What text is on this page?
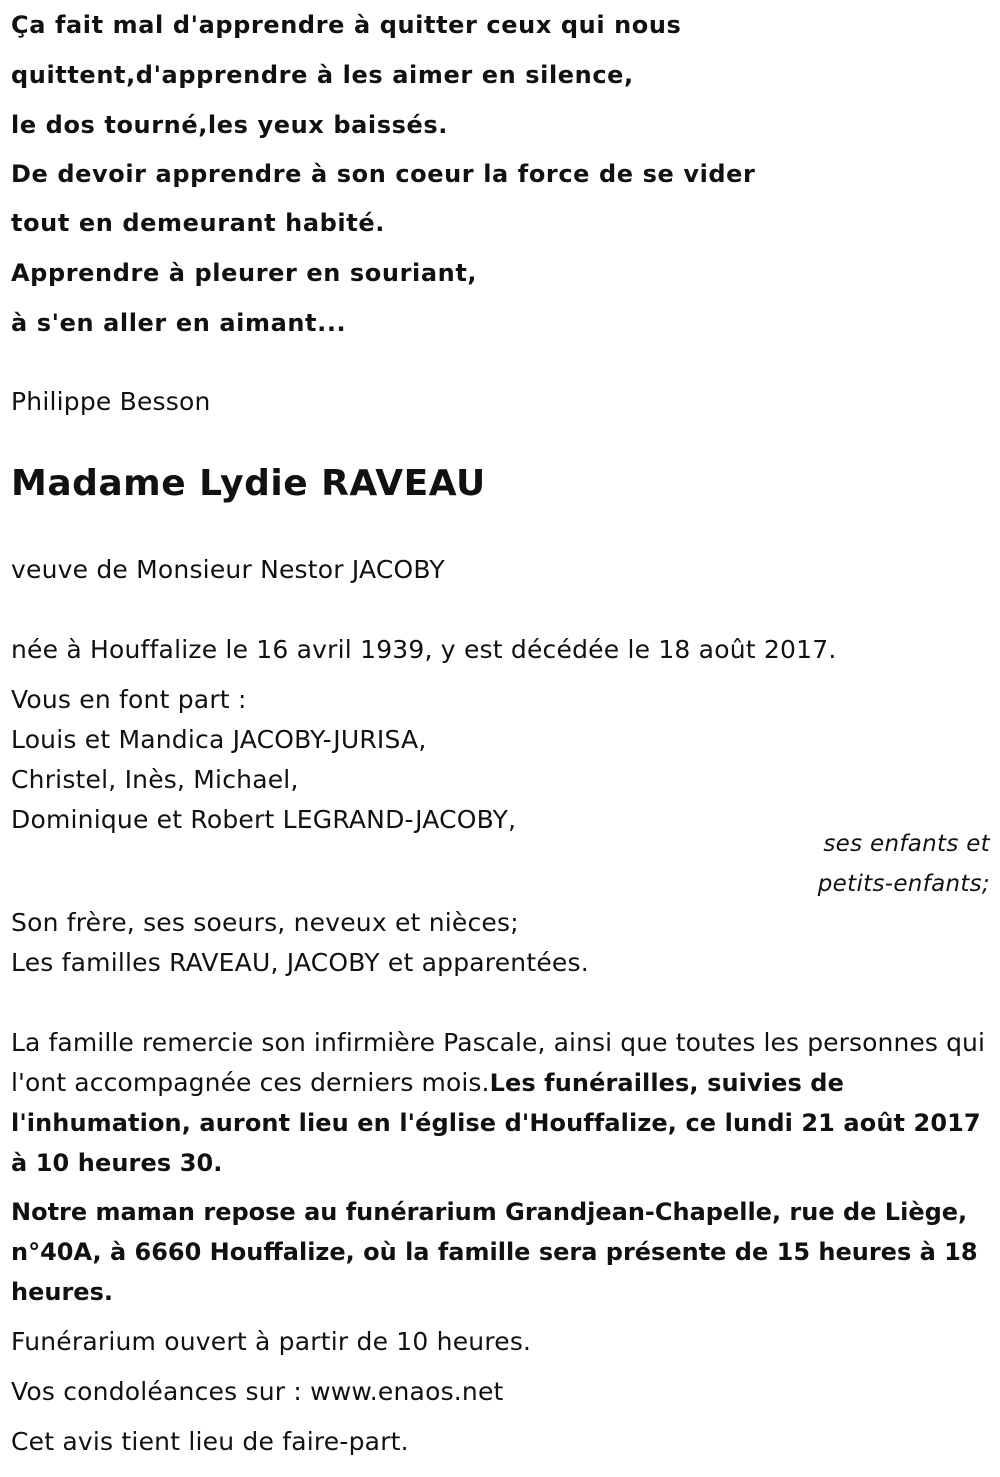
Ça fait mal d'apprendre à quitter ceux qui nous
quittent,d'apprendre à les aimer en silence,
le dos tourné,les yeux baissés.
De devoir apprendre à son coeur la force de se vider
tout en demeurant habité.
Apprendre à pleurer en souriant,
à s'en aller en aimant...
Philippe Besson
Madame Lydie RAVEAU
veuve de Monsieur Nestor JACOBY
née à Houffalize le 16 avril 1939, y est décédée le 18 août 2017.
Vous en font part :
Louis et Mandica JACOBY-JURISA,
Christel, Inès, Michael,
Dominique et Robert LEGRAND-JACOBY,
ses enfants et
petits-enfants;
Son frère, ses soeurs, neveux et nièces;
Les familles RAVEAU, JACOBY et apparentées.
La famille remercie son infirmière Pascale, ainsi que toutes les personnes qui l'ont accompagnée ces derniers mois.Les funérailles, suivies de l'inhumation, auront lieu en l'église d'Houffalize, ce lundi 21 août 2017 à 10 heures 30.
Notre maman repose au funérarium Grandjean-Chapelle, rue de Liège, n°40A, à 6660 Houffalize, où la famille sera présente de 15 heures à 18 heures.
Funérarium ouvert à partir de 10 heures.
Vos condoléances sur : www.enaos.net
Cet avis tient lieu de faire-part.
